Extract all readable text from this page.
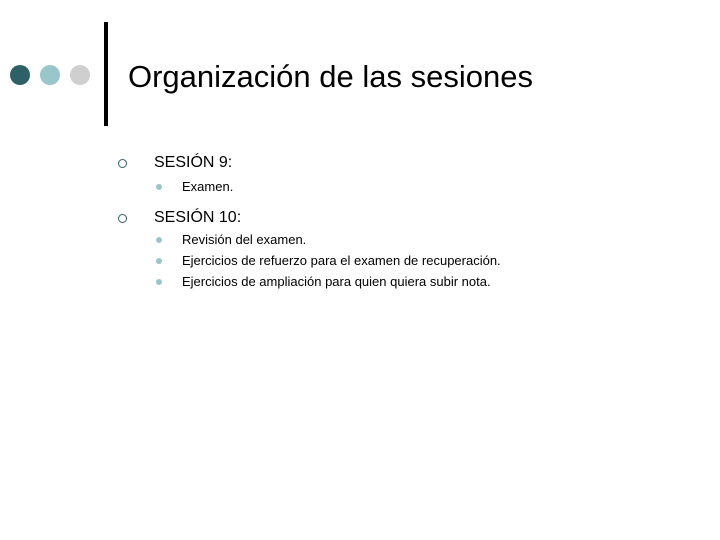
Organización de las sesiones
SESIÓN 9:
Examen.
SESIÓN 10:
Revisión del examen.
Ejercicios de refuerzo para el examen de recuperación.
Ejercicios de ampliación para quien quiera subir nota.
